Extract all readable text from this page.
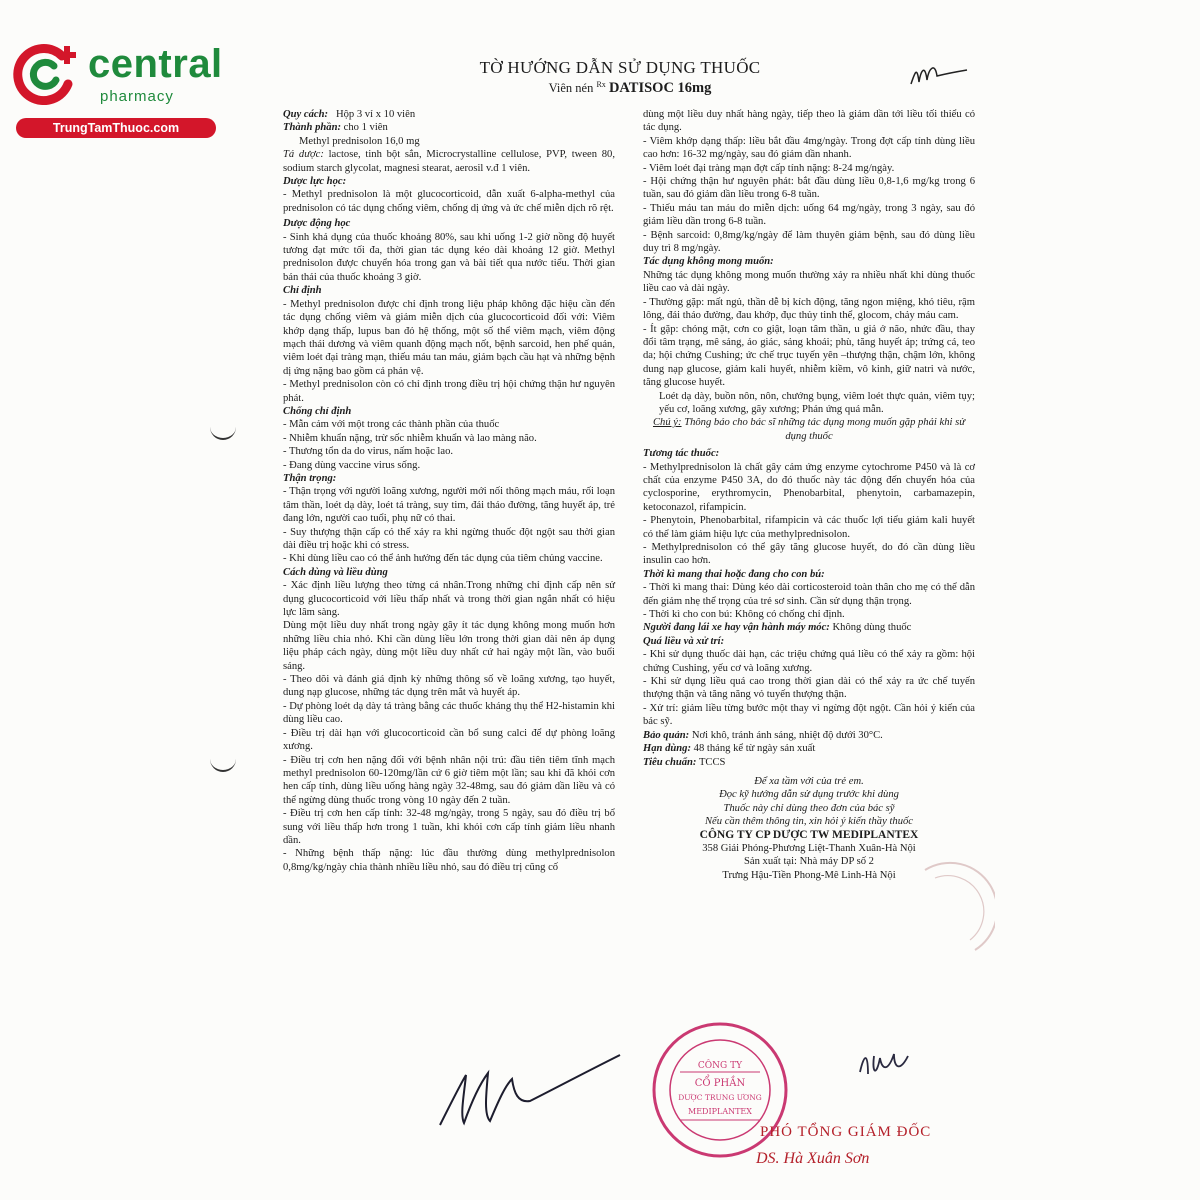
central
pharmacy
TrungTamThuoc.com
TỜ HƯỚNG DẪN SỬ DỤNG THUỐC
Viên nén $^{Rx}$ DATISOC 16mg

Quy cách: Hộp 3 vỉ x 10 viên

Thành phần: cho 1 viên

Methyl prednisolon 16,0 mg

Tá dược: lactose, tinh bột sắn, Microcrystalline cellulose, PVP, tween 80, sodium starch glycolat, magnesi stearat, aerosil v.đ 1 viên.

Dược lực học:

- Methyl prednisolon là một glucocorticoid, dẫn xuất 6-alpha-methyl của prednisolon có tác dụng chống viêm, chống dị ứng và ức chế miễn dịch rõ rệt.

Dược động học

- Sinh khả dụng của thuốc khoảng 80%, sau khi uống 1-2 giờ nồng độ huyết tương đạt mức tối đa, thời gian tác dụng kéo dài khoảng 12 giờ. Methyl prednisolon được chuyển hóa trong gan và bài tiết qua nước tiểu. Thời gian bán thải của thuốc khoảng 3 giờ.

Chỉ định

- Methyl prednisolon được chỉ định trong liệu pháp không đặc hiệu cần đến tác dụng chống viêm và giảm miễn dịch của glucocorticoid đối với: Viêm khớp dạng thấp, lupus ban đỏ hệ thống, một số thể viêm mạch, viêm động mạch thái dương và viêm quanh động mạch nốt, bệnh sarcoid, hen phế quản, viêm loét đại tràng mạn, thiếu máu tan máu, giảm bạch cầu hạt và những bệnh dị ứng nặng bao gồm cả phản vệ.

- Methyl prednisolon còn có chỉ định trong điều trị hội chứng thận hư nguyên phát.

Chống chỉ định

- Mẫn cảm với một trong các thành phần của thuốc

- Nhiễm khuẩn nặng, trừ sốc nhiễm khuẩn và lao màng não.

- Thương tổn da do virus, nấm hoặc lao.

- Đang dùng vaccine virus sống.

Thận trọng:

- Thận trọng với người loãng xương, người mới nối thông mạch máu, rối loạn tâm thần, loét dạ dày, loét tá tràng, suy tim, đái tháo đường, tăng huyết áp, trẻ đang lớn, người cao tuổi, phụ nữ có thai.

- Suy thượng thận cấp có thể xảy ra khi ngừng thuốc đột ngột sau thời gian dài điều trị hoặc khi có stress.

- Khi dùng liều cao có thể ảnh hưởng đến tác dụng của tiêm chủng vaccine.

Cách dùng và liều dùng

- Xác định liều lượng theo từng cá nhân.Trong những chỉ định cấp nên sử dụng glucocorticoid với liều thấp nhất và trong thời gian ngắn nhất có hiệu lực lâm sàng.

Dùng một liều duy nhất trong ngày gây ít tác dụng không mong muốn hơn những liều chia nhỏ. Khi cần dùng liều lớn trong thời gian dài nên áp dụng liệu pháp cách ngày, dùng một liều duy nhất cứ hai ngày một lần, vào buổi sáng.

- Theo dõi và đánh giá định kỳ những thông số về loãng xương, tạo huyết, dung nạp glucose, những tác dụng trên mắt và huyết áp.

- Dự phòng loét dạ dày tá tràng bằng các thuốc kháng thụ thể H2-histamin khi dùng liều cao.

- Điều trị dài hạn với glucocorticoid cần bổ sung calci để dự phòng loãng xương.

- Điều trị cơn hen nặng đối với bệnh nhân nội trú: đầu tiên tiêm tĩnh mạch methyl prednisolon 60-120mg/lần cứ 6 giờ tiêm một lần; sau khi đã khỏi cơn hen cấp tính, dùng liều uống hàng ngày 32-48mg, sau đó giảm dần liều và có thể ngừng dùng thuốc trong vòng 10 ngày đến 2 tuần.

- Điều trị cơn hen cấp tính: 32-48 mg/ngày, trong 5 ngày, sau đó điều trị bổ sung với liều thấp hơn trong 1 tuần, khi khỏi cơn cấp tính giảm liều nhanh dần.

- Những bệnh thấp nặng: lúc đầu thường dùng methylprednisolon 0,8mg/kg/ngày chia thành nhiều liều nhỏ, sau đó điều trị cũng cố

dùng một liều duy nhất hàng ngày, tiếp theo là giảm dần tới liều tối thiểu có tác dụng.

- Viêm khớp dạng thấp: liều bắt đầu 4mg/ngày. Trong đợt cấp tính dùng liều cao hơn: 16-32 mg/ngày, sau đó giảm dần nhanh.

- Viêm loét đại tràng mạn đợt cấp tính nặng: 8-24 mg/ngày.

- Hội chứng thận hư nguyên phát: bắt đầu dùng liều 0,8-1,6 mg/kg trong 6 tuần, sau đó giảm dần liều trong 6-8 tuần.

- Thiếu máu tan máu do miễn dịch: uống 64 mg/ngày, trong 3 ngày, sau đó giảm liều dần trong 6-8 tuần.

- Bệnh sarcoid: 0,8mg/kg/ngày để làm thuyên giảm bệnh, sau đó dùng liều duy trì 8 mg/ngày.

Tác dụng không mong muốn:

Những tác dụng không mong muốn thường xảy ra nhiều nhất khi dùng thuốc liều cao và dài ngày.

- Thường gặp: mất ngủ, thần dễ bị kích động, tăng ngon miệng, khó tiêu, rậm lông, đái tháo đường, đau khớp, đục thủy tinh thể, glocom, chảy máu cam.

- Ít gặp: chóng mặt, cơn co giật, loạn tâm thần, u giả ở não, nhức đầu, thay đổi tâm trạng, mê sảng, ảo giác, sảng khoái; phù, tăng huyết áp; trứng cá, teo da; hội chứng Cushing; ức chế trục tuyến yên –thượng thận, chậm lớn, không dung nạp glucose, giảm kali huyết, nhiễm kiềm, vô kinh, giữ natri và nước, tăng glucose huyết.

Loét dạ dày, buồn nôn, nôn, chướng bụng, viêm loét thực quản, viêm tụy; yếu cơ, loãng xương, gãy xương; Phản ứng quá mẫn.

Chú ý: Thông báo cho bác sĩ những tác dụng mong muốn gặp phải khi sử dụng thuốc

Tương tác thuốc:

- Methylprednisolon là chất gây cảm ứng enzyme cytochrome P450 và là cơ chất của enzyme P450 3A, do đó thuốc này tác động đến chuyển hóa của cyclosporine, erythromycin, Phenobarbital, phenytoin, carbamazepin, ketoconazol, rifampicin.

- Phenytoin, Phenobarbital, rifampicin và các thuốc lợi tiểu giảm kali huyết có thể làm giảm hiệu lực của methylprednisolon.

- Methylprednisolon có thể gây tăng glucose huyết, do đó cần dùng liều insulin cao hơn.

Thời kì mang thai hoặc đang cho con bú:

- Thời kì mang thai: Dùng kéo dài corticosteroid toàn thân cho mẹ có thể dẫn đến giảm nhẹ thể trọng của trẻ sơ sinh. Cần sử dụng thận trọng.

- Thời kì cho con bú: Không có chống chỉ định.

Người đang lái xe hay vận hành máy móc: Không dùng thuốc

Quá liều và xử trí:

- Khi sử dụng thuốc dài hạn, các triệu chứng quá liều có thể xảy ra gồm: hội chứng Cushing, yếu cơ và loãng xương.

- Khi sử dụng liều quá cao trong thời gian dài có thể xảy ra ức chế tuyến thượng thận và tăng năng vỏ tuyến thượng thận.

- Xử trí: giảm liều từng bước một thay vì ngừng đột ngột. Cần hỏi ý kiến của bác sỹ.

Bảo quản: Nơi khô, tránh ánh sáng, nhiệt độ dưới 30°C.

Hạn dùng: 48 tháng kể từ ngày sản xuất

Tiêu chuẩn: TCCS

Để xa tầm với của trẻ em.

Đọc kỹ hướng dẫn sử dụng trước khi dùng

Thuốc này chỉ dùng theo đơn của bác sỹ

Nếu cần thêm thông tin, xin hỏi ý kiến thầy thuốc

CÔNG TY CP DƯỢC TW MEDIPLANTEX

358 Giải Phóng-Phương Liệt-Thanh Xuân-Hà Nội

Sản xuất tại: Nhà máy DP số 2

Trưng Hậu-Tiền Phong-Mê Linh-Hà Nội

CÔNG TY
CỔ PHẦN
DƯỢC TRUNG ƯƠNG
MEDIPLANTEX
PHÓ TỔNG GIÁM ĐỐC
DS. Hà Xuân Sơn
